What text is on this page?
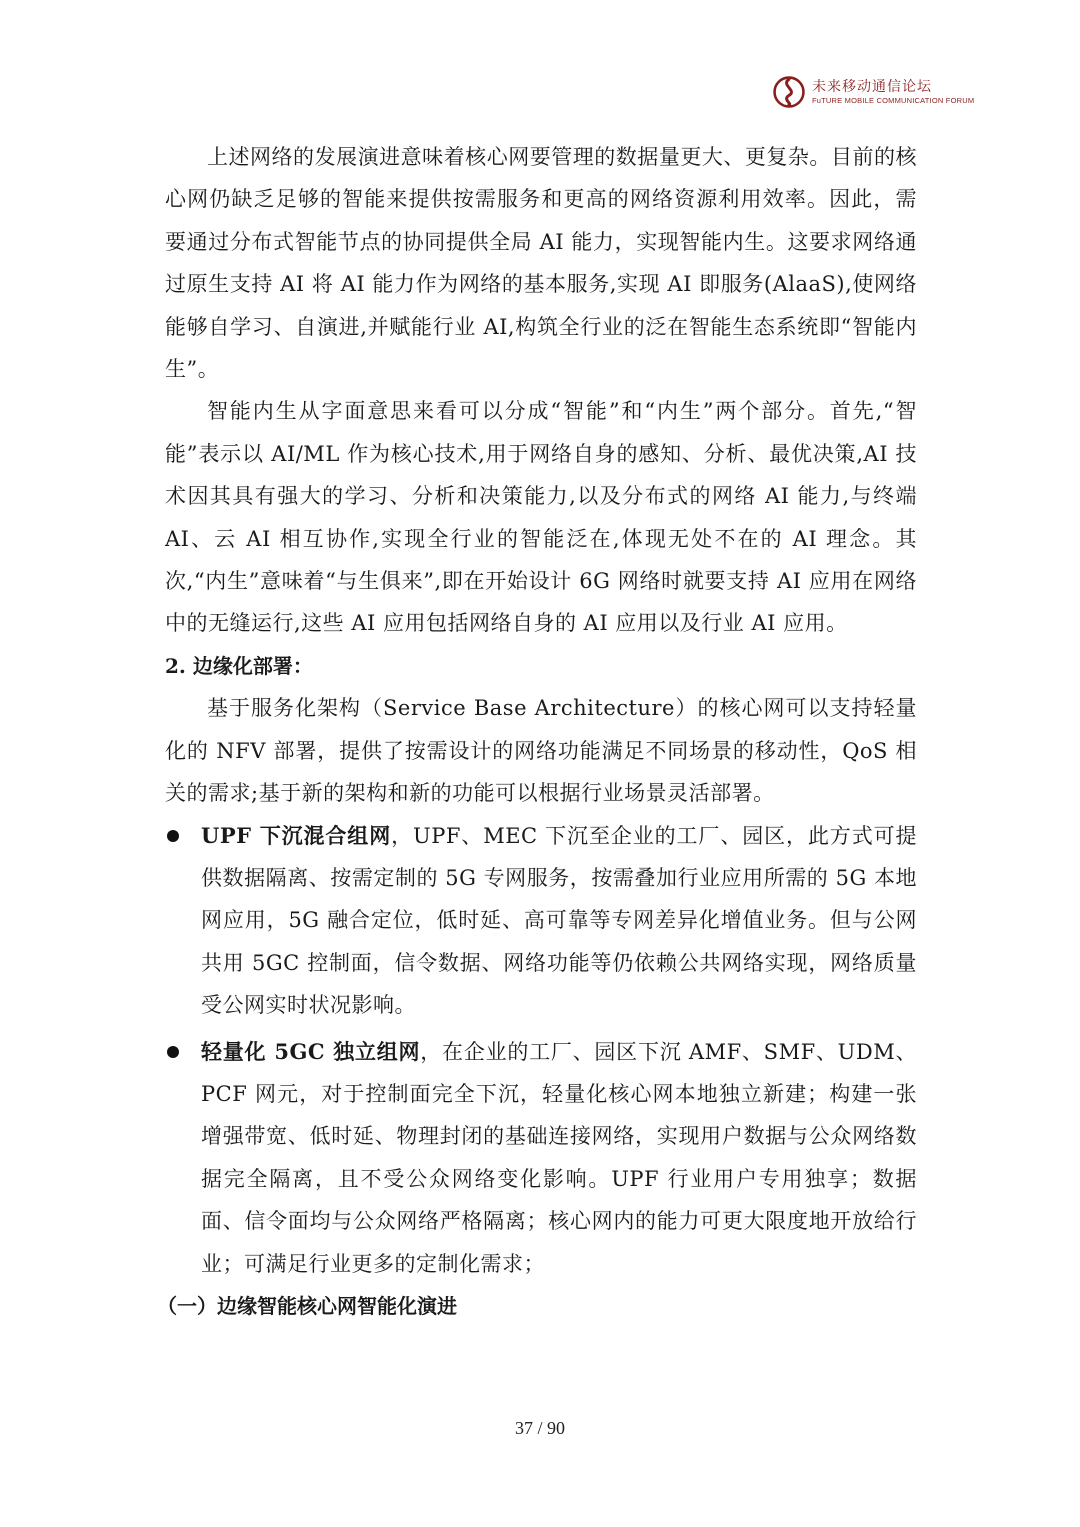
未来移动通信论坛
FuTURE MOBILE COMMUNICATION FORUM

上述网络的发展演进意味着核心网要管理的数据量更大、更复杂。目前的核心网仍缺乏足够的智能来提供按需服务和更高的网络资源利用效率。因此，需要通过分布式智能节点的协同提供全局 AI 能力，实现智能内生。这要求网络通过原生支持 AI 将 AI 能力作为网络的基本服务,实现 AI 即服务(AlaaS),使网络能够自学习、自演进,并赋能行业 AI,构筑全行业的泛在智能生态系统即“智能内生”。

智能内生从字面意思来看可以分成“智能”和“内生”两个部分。首先,“智能”表示以 AI/ML 作为核心技术,用于网络自身的感知、分析、最优决策,AI 技术因其具有强大的学习、分析和决策能力,以及分布式的网络 AI 能力,与终端 AI、云 AI 相互协作,实现全行业的智能泛在,体现无处不在的 AI 理念。其次,“内生”意味着“与生俱来”,即在开始设计 6G 网络时就要支持 AI 应用在网络中的无缝运行,这些 AI 应用包括网络自身的 AI 应用以及行业 AI 应用。

2. 边缘化部署：

基于服务化架构（Service Base Architecture）的核心网可以支持轻量化的 NFV 部署，提供了按需设计的网络功能满足不同场景的移动性，QoS 相关的需求;基于新的架构和新的功能可以根据行业场景灵活部署。

UPF 下沉混合组网，UPF、MEC 下沉至企业的工厂、园区，此方式可提供数据隔离、按需定制的 5G 专网服务，按需叠加行业应用所需的 5G 本地网应用，5G 融合定位，低时延、高可靠等专网差异化增值业务。但与公网共用 5GC 控制面，信令数据、网络功能等仍依赖公共网络实现，网络质量受公网实时状况影响。

轻量化 5GC 独立组网，在企业的工厂、园区下沉 AMF、SMF、UDM、PCF 网元，对于控制面完全下沉，轻量化核心网本地独立新建；构建一张增强带宽、低时延、物理封闭的基础连接网络，实现用户数据与公众网络数据完全隔离，且不受公众网络变化影响。UPF 行业用户专用独享；数据面、信令面均与公众网络严格隔离；核心网内的能力可更大限度地开放给行业；可满足行业更多的定制化需求；

（一）边缘智能核心网智能化演进

37 / 90
